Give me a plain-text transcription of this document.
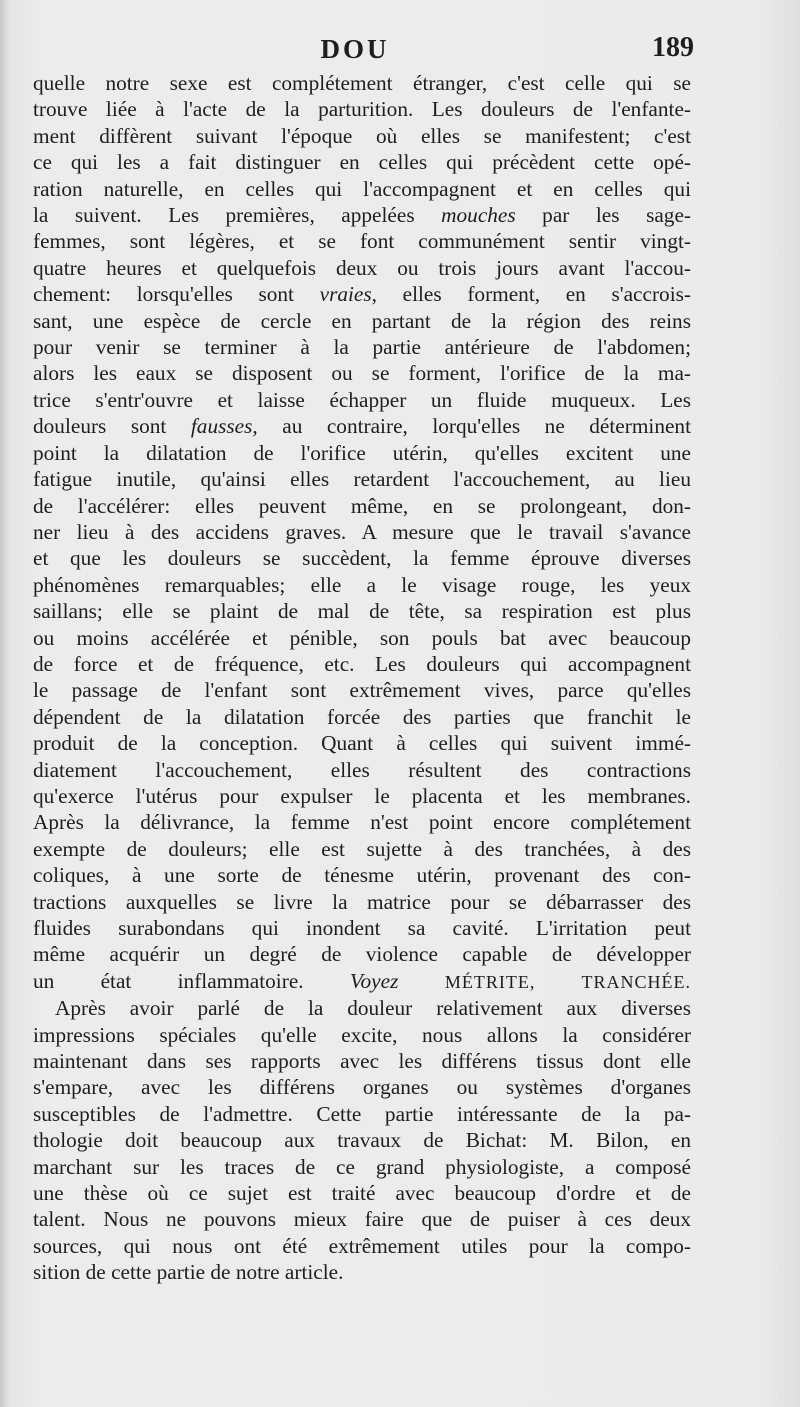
DOU	189
quelle notre sexe est complétement étranger, c'est celle qui se
trouve liée à l'acte de la parturition. Les douleurs de l'enfante-
ment diffèrent suivant l'époque où elles se manifestent; c'est
ce qui les a fait distinguer en celles qui précèdent cette opé-
ration naturelle, en celles qui l'accompagnent et en celles qui
la suivent. Les premières, appelées mouches par les sage-
femmes, sont légères, et se font communément sentir vingt-
quatre heures et quelquefois deux ou trois jours avant l'accou-
chement: lorsqu'elles sont vraies, elles forment, en s'accrois-
sant, une espèce de cercle en partant de la région des reins
pour venir se terminer à la partie antérieure de l'abdomen;
alors les eaux se disposent ou se forment, l'orifice de la ma-
trice s'entr'ouvre et laisse échapper un fluide muqueux. Les
douleurs sont fausses, au contraire, lorqu'elles ne déterminent
point la dilatation de l'orifice utérin, qu'elles excitent une
fatigue inutile, qu'ainsi elles retardent l'accouchement, au lieu
de l'accélérer: elles peuvent même, en se prolongeant, don-
ner lieu à des accidens graves. A mesure que le travail s'avance
et que les douleurs se succèdent, la femme éprouve diverses
phénomènes remarquables; elle a le visage rouge, les yeux
saillans; elle se plaint de mal de tête, sa respiration est plus
ou moins accélérée et pénible, son pouls bat avec beaucoup
de force et de fréquence, etc. Les douleurs qui accompagnent
le passage de l'enfant sont extrêmement vives, parce qu'elles
dépendent de la dilatation forcée des parties que franchit le
produit de la conception. Quant à celles qui suivent immé-
diatement l'accouchement, elles résultent des contractions
qu'exerce l'utérus pour expulser le placenta et les membranes.
Après la délivrance, la femme n'est point encore complétement
exempte de douleurs; elle est sujette à des tranchées, à des
coliques, à une sorte de ténesme utérin, provenant des con-
tractions auxquelles se livre la matrice pour se débarrasser des
fluides surabondans qui inondent sa cavité. L'irritation peut
même acquérir un degré de violence capable de développer
un état inflammatoire. Voyez MÉTRITE, TRANCHÉE.
Après avoir parlé de la douleur relativement aux diverses
impressions spéciales qu'elle excite, nous allons la considérer
maintenant dans ses rapports avec les différens tissus dont elle
s'empare, avec les différens organes ou systèmes d'organes
susceptibles de l'admettre. Cette partie intéressante de la pa-
thologie doit beaucoup aux travaux de Bichat: M. Bilon, en
marchant sur les traces de ce grand physiologiste, a composé
une thèse où ce sujet est traité avec beaucoup d'ordre et de
talent. Nous ne pouvons mieux faire que de puiser à ces deux
sources, qui nous ont été extrêmement utiles pour la compo-
sition de cette partie de notre article.
